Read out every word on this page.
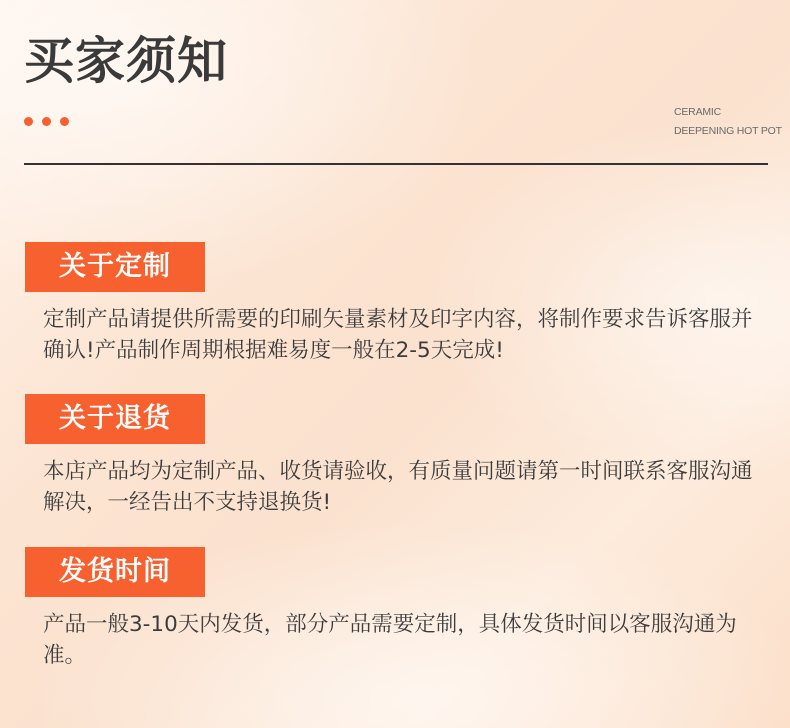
买家须知
CERAMIC
DEEPENING HOT POT
关于定制

定制产品请提供所需要的印刷矢量素材及印字内容，将制作要求告诉客服并确认!产品制作周期根据难易度一般在2-5天完成!

关于退货

本店产品均为定制产品、收货请验收，有质量问题请第一时间联系客服沟通解决，一经告出不支持退换货!

发货时间

产品一般3-10天内发货，部分产品需要定制，具体发货时间以客服沟通为准。
